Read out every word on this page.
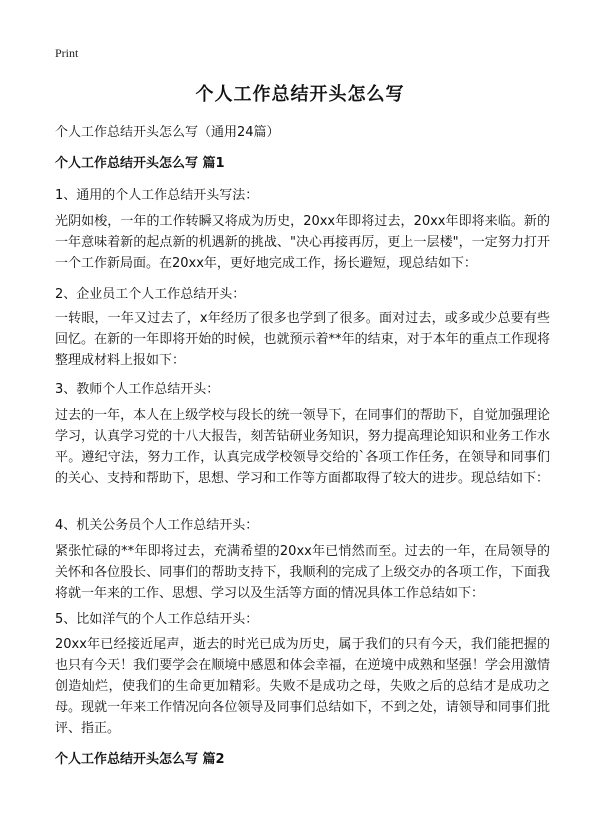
Print
个人工作总结开头怎么写
个人工作总结开头怎么写（通用24篇）
个人工作总结开头怎么写 篇1
1、通用的个人工作总结开头写法：
光阴如梭，一年的工作转瞬又将成为历史，20xx年即将过去，20xx年即将来临。新的一年意味着新的起点新的机遇新的挑战、"决心再接再厉，更上一层楼"，一定努力打开一个工作新局面。在20xx年，更好地完成工作，扬长避短，现总结如下：
2、企业员工个人工作总结开头：
一转眼，一年又过去了，x年经历了很多也学到了很多。面对过去，或多或少总要有些回忆。在新的一年即将开始的时候，也就预示着**年的结束，对于本年的重点工作现将整理成材料上报如下：
3、教师个人工作总结开头：
过去的一年，本人在上级学校与段长的统一领导下，在同事们的帮助下，自觉加强理论学习，认真学习党的十八大报告，刻苦钻研业务知识，努力提高理论知识和业务工作水平。遵纪守法，努力工作，认真完成学校领导交给的`各项工作任务，在领导和同事们的关心、支持和帮助下，思想、学习和工作等方面都取得了较大的进步。现总结如下：
4、机关公务员个人工作总结开头：
紧张忙碌的**年即将过去，充满希望的20xx年已悄然而至。过去的一年，在局领导的关怀和各位股长、同事们的帮助支持下，我顺利的完成了上级交办的各项工作，下面我将就一年来的工作、思想、学习以及生活等方面的情况具体工作总结如下：
5、比如洋气的个人工作总结开头：
20xx年已经接近尾声，逝去的时光已成为历史，属于我们的只有今天，我们能把握的也只有今天！我们要学会在顺境中感恩和体会幸福，在逆境中成熟和坚强！学会用激情创造灿烂，使我们的生命更加精彩。失败不是成功之母，失败之后的总结才是成功之母。现就一年来工作情况向各位领导及同事们总结如下，不到之处，请领导和同事们批评、指正。
个人工作总结开头怎么写 篇2
